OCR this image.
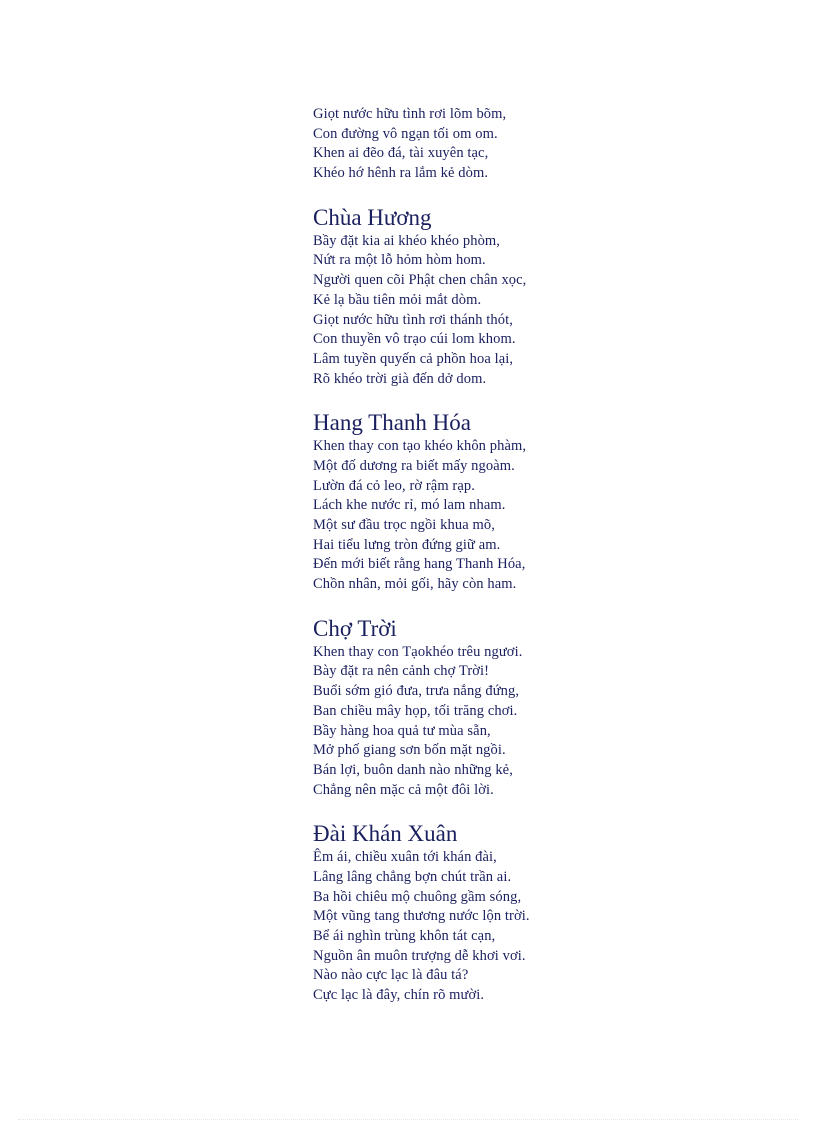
Giọt nước hữu tình rơi lõm bõm,
Con đường vô ngạn tối om om.
Khen ai đẽo đá, tài xuyên tạc,
Khéo hớ hênh ra lắm kẻ dòm.
Chùa Hương
Bầy đặt kia ai khéo khéo phòm,
Nứt ra một lỗ hỏm hòm hom.
Người quen cõi Phật chen chân xọc,
Kẻ lạ bầu tiên mỏi mắt dòm.
Giọt nước hữu tình rơi thánh thót,
Con thuyền vô trạo cúi lom khom.
Lâm tuyền quyến cả phồn hoa lại,
Rõ khéo trời già đến dở dom.
Hang Thanh Hóa
Khen thay con tạo khéo khôn phàm,
Một đố dương ra biết mấy ngoàm.
Lườn đá cỏ leo, rờ rậm rạp.
Lách khe nước rỉ, mó lam nham.
Một sư đầu trọc ngồi khua mõ,
Hai tiểu lưng tròn đứng giữ am.
Đến mới biết rằng hang Thanh Hóa,
Chồn nhân, mỏi gối, hãy còn ham.
Chợ Trời
Khen thay con Tạokhéo trêu ngươi.
Bày đặt ra nên cảnh chợ Trời!
Buổi sớm gió đưa, trưa nắng đứng,
Ban chiều mây họp, tối trăng chơi.
Bầy hàng hoa quả tư mùa sẵn,
Mở phố giang sơn bốn mặt ngồi.
Bán lợi, buôn danh nào những kẻ,
Chẳng nên mặc cả một đôi lời.
Đài Khán Xuân
Êm ái, chiều xuân tới khán đài,
Lâng lâng chẳng bợn chút trần ai.
Ba hồi chiêu mộ chuông gầm sóng,
Một vũng tang thương nước lộn trời.
Bể ái nghìn trùng khôn tát cạn,
Nguồn ân muôn trượng dễ khơi vơi.
Nào nào cực lạc là đâu tá?
Cực lạc là đây, chín rõ mười.
